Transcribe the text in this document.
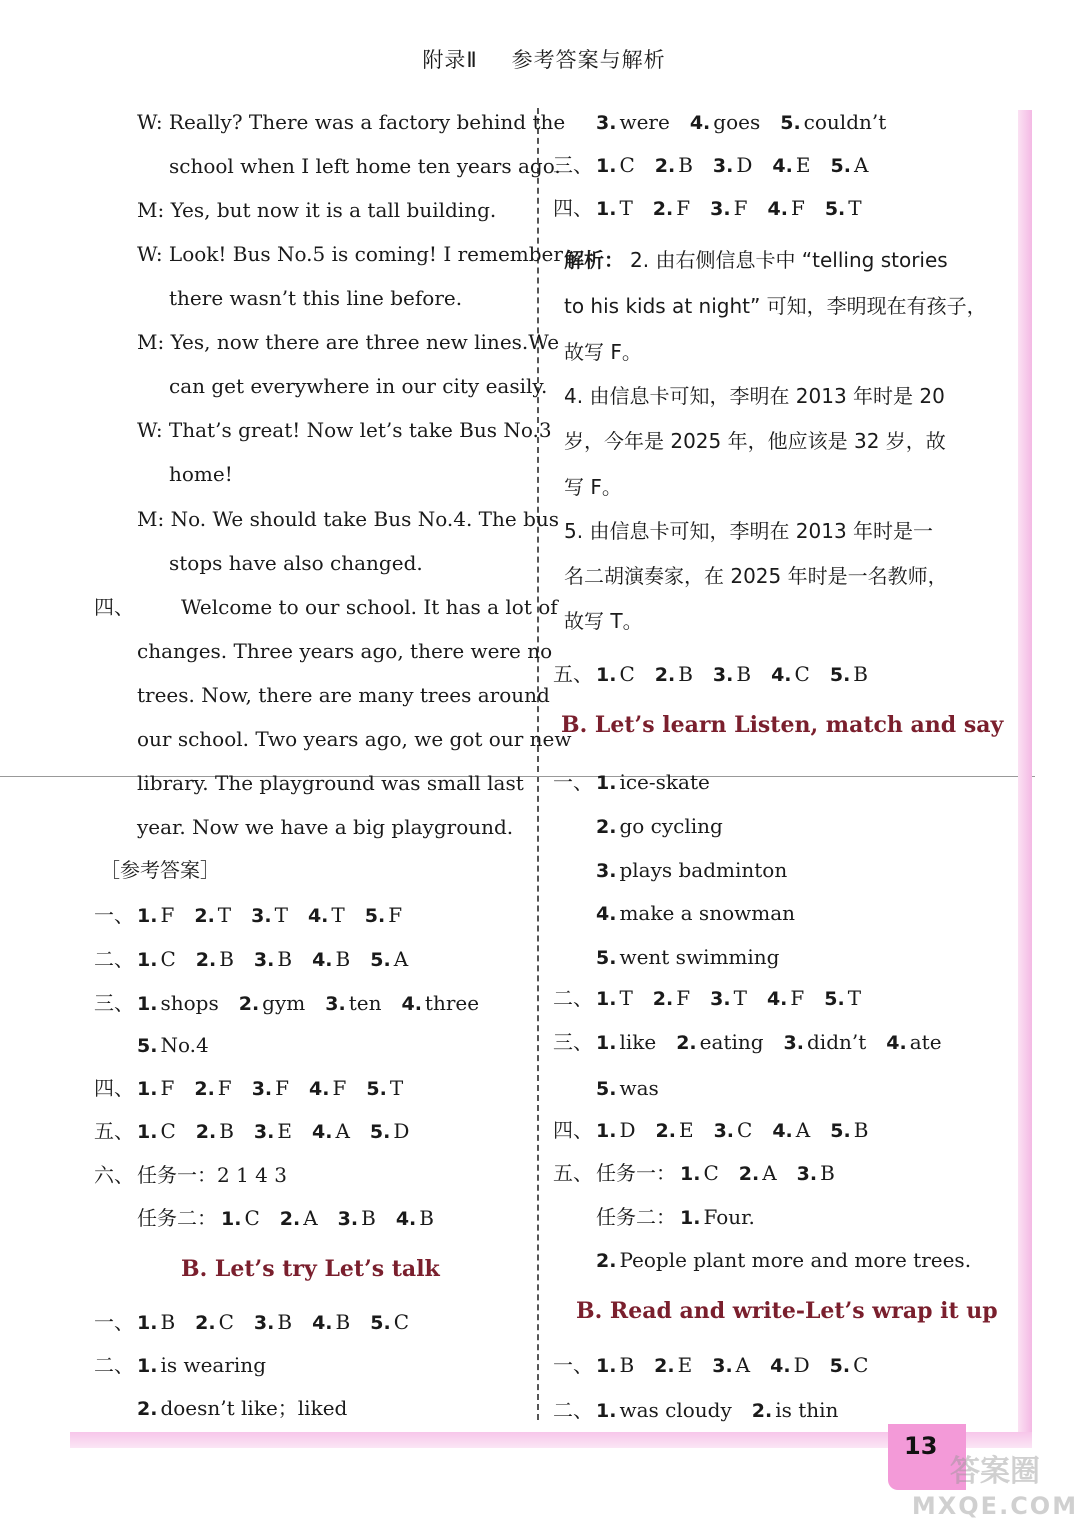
附录Ⅱ 参考答案与解析
13
答案圈
MXQE.COM
W: Really? There was a factory behind the
school when I left home ten years ago.
M: Yes, but now it is a tall building.
W: Look! Bus No.5 is coming! I remember
there wasn’t this line before.
M: Yes, now there are three new lines.We
can get everywhere in our city easily.
W: That’s great! Now let’s take Bus No.3
home!
M: No. We should take Bus No.4. The bus
stops have also changed.
四、 Welcome to our school. It has a lot of
changes. Three years ago, there were no
trees. Now, there are many trees around
our school. Two years ago, we got our new
library. The playground was small last
year. Now we have a big playground.
［参考答案］
一、 1. F 2. T 3. T 4. T 5. F
二、 1. C 2. B 3. B 4. B 5. A
三、 1. shops 2. gym 3. ten 4. three
5. No.4
四、 1. F 2. F 3. F 4. F 5. T
五、 1. C 2. B 3. E 4. A 5. D
六、 任务一：2 1 4 3
任务二： 1. C 2. A 3. B 4. B
一、 1. B 2. C 3. B 4. B 5. C
二、 1. is wearing
2. doesn’t like；liked
B. Let’s try Let’s talk
3. were 4. goes 5. couldn’t
三、 1. C 2. B 3. D 4. E 5. A
四、 1. T 2. F 3. F 4. F 5. T
解析： 2. 由右侧信息卡中 “telling stories
to his kids at night” 可知，李明现在有孩子，
故写 F。
4. 由信息卡可知，李明在 2013 年时是 20
岁，今年是 2025 年，他应该是 32 岁，故
写 F。
5. 由信息卡可知，李明在 2013 年时是一
名二胡演奏家，在 2025 年时是一名教师，
故写 T。
五、 1. C 2. B 3. B 4. C 5. B
B. Let’s learn Listen, match and say
一、 1. ice-skate
2. go cycling
3. plays badminton
4. make a snowman
5. went swimming
二、 1. T 2. F 3. T 4. F 5. T
三、 1. like 2. eating 3. didn’t 4. ate
5. was
四、 1. D 2. E 3. C 4. A 5. B
五、 任务一： 1. C 2. A 3. B
任务二： 1. Four.
2. People plant more and more trees.
B. Read and write-Let’s wrap it up
一、 1. B 2. E 3. A 4. D 5. C
二、 1. was cloudy 2. is thin
